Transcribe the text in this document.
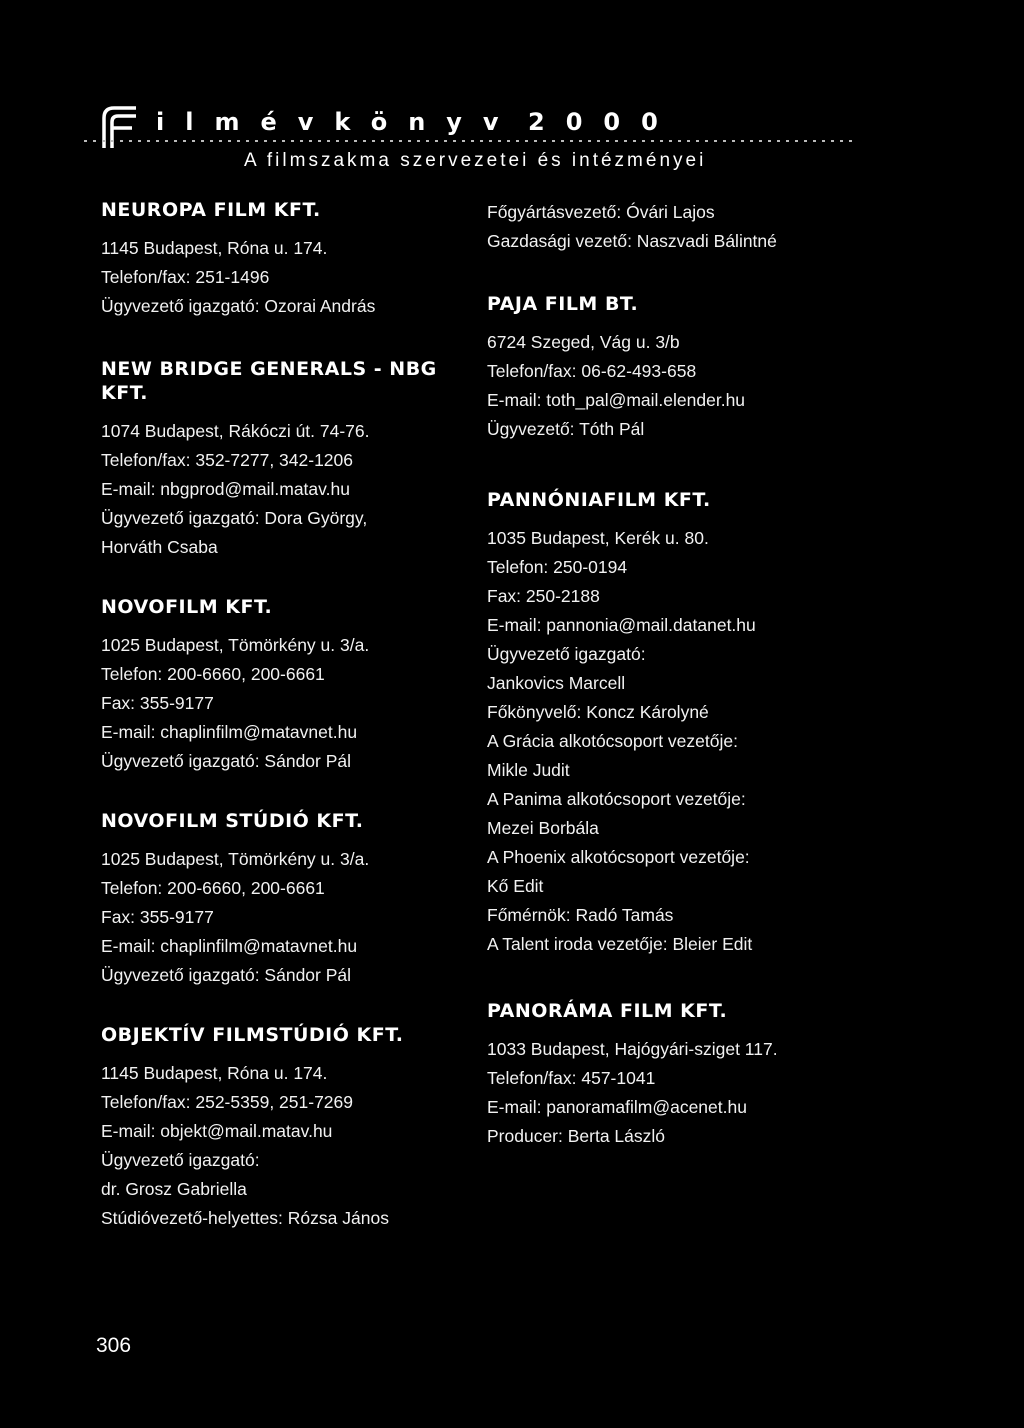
ilmévkönyv 2000
A filmszakma szervezetei és intézményei
NEUROPA FILM KFT.
1145 Budapest, Róna u. 174.
Telefon/fax: 251-1496
Ügyvezető igazgató: Ozorai András
NEW BRIDGE GENERALS - NBG KFT.
1074 Budapest, Rákóczi út. 74-76.
Telefon/fax: 352-7277, 342-1206
E-mail: nbgprod@mail.matav.hu
Ügyvezető igazgató: Dora György,
Horváth Csaba
NOVOFILM KFT.
1025 Budapest, Tömörkény u. 3/a.
Telefon: 200-6660, 200-6661
Fax: 355-9177
E-mail: chaplinfilm@matavnet.hu
Ügyvezető igazgató: Sándor Pál
NOVOFILM STÚDIÓ KFT.
1025 Budapest, Tömörkény u. 3/a.
Telefon: 200-6660, 200-6661
Fax: 355-9177
E-mail: chaplinfilm@matavnet.hu
Ügyvezető igazgató: Sándor Pál
OBJEKTÍV FILMSTÚDIÓ KFT.
1145 Budapest, Róna u. 174.
Telefon/fax: 252-5359, 251-7269
E-mail: objekt@mail.matav.hu
Ügyvezető igazgató:
dr. Grosz Gabriella
Stúdióvezető-helyettes: Rózsa János
Főgyártásvezető: Óvári Lajos
Gazdasági vezető: Naszvadi Bálintné
PAJA FILM BT.
6724 Szeged, Vág u. 3/b
Telefon/fax: 06-62-493-658
E-mail: toth_pal@mail.elender.hu
Ügyvezető: Tóth Pál
PANNÓNIAFILM KFT.
1035 Budapest, Kerék u. 80.
Telefon: 250-0194
Fax: 250-2188
E-mail: pannonia@mail.datanet.hu
Ügyvezető igazgató:
Jankovics Marcell
Főkönyvelő: Koncz Károlyné
A Grácia alkotócsoport vezetője:
Mikle Judit
A Panima alkotócsoport vezetője:
Mezei Borbála
A Phoenix alkotócsoport vezetője:
Kő Edit
Főmérnök: Radó Tamás
A Talent iroda vezetője: Bleier Edit
PANORÁMA FILM KFT.
1033 Budapest, Hajógyári-sziget 117.
Telefon/fax: 457-1041
E-mail: panoramafilm@acenet.hu
Producer: Berta László
306
